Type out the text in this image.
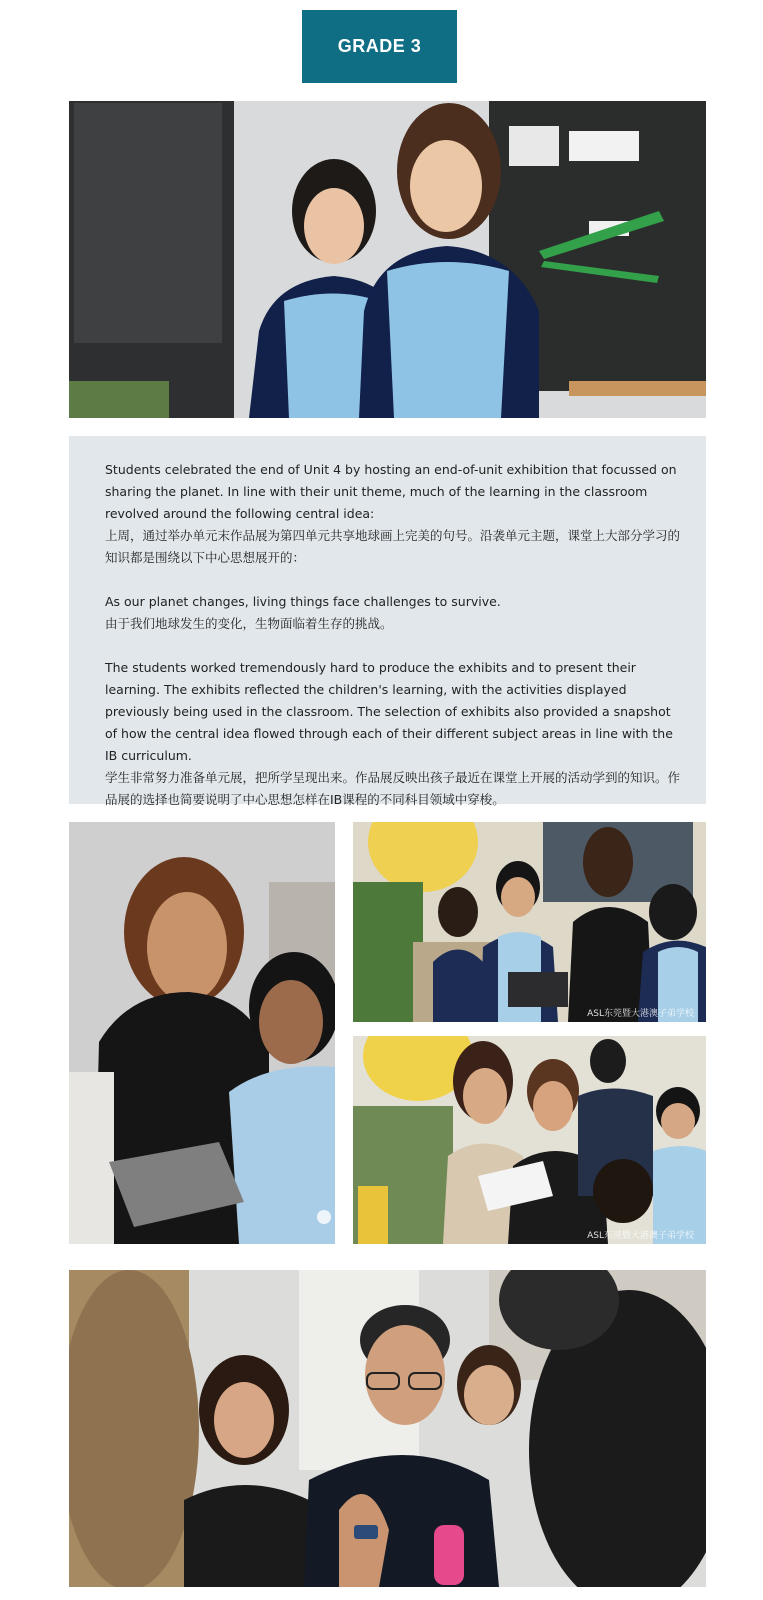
GRADE 3

Students celebrated the end of Unit 4 by hosting an end-of-unit exhibition that focussed on sharing the planet. In line with their unit theme, much of the learning in the classroom revolved around the following central idea:

上周，通过举办单元末作品展为第四单元共享地球画上完美的句号。沿袭单元主题，课堂上大部分学习的知识都是围绕以下中心思想展开的：

As our planet changes, living things face challenges to survive.

由于我们地球发生的变化，生物面临着生存的挑战。

The students worked tremendously hard to produce the exhibits and to present their learning. The exhibits reflected the children's learning, with the activities displayed previously being used in the classroom. The selection of exhibits also provided a snapshot of how the central idea flowed through each of their different subject areas in line with the IB curriculum.

学生非常努力准备单元展，把所学呈现出来。作品展反映出孩子最近在课堂上开展的活动学到的知识。作品展的选择也简要说明了中心思想怎样在IB课程的不同科目领域中穿梭。

ASL东莞暨大港澳子弟学校
ASL东莞暨大港澳子弟学校
